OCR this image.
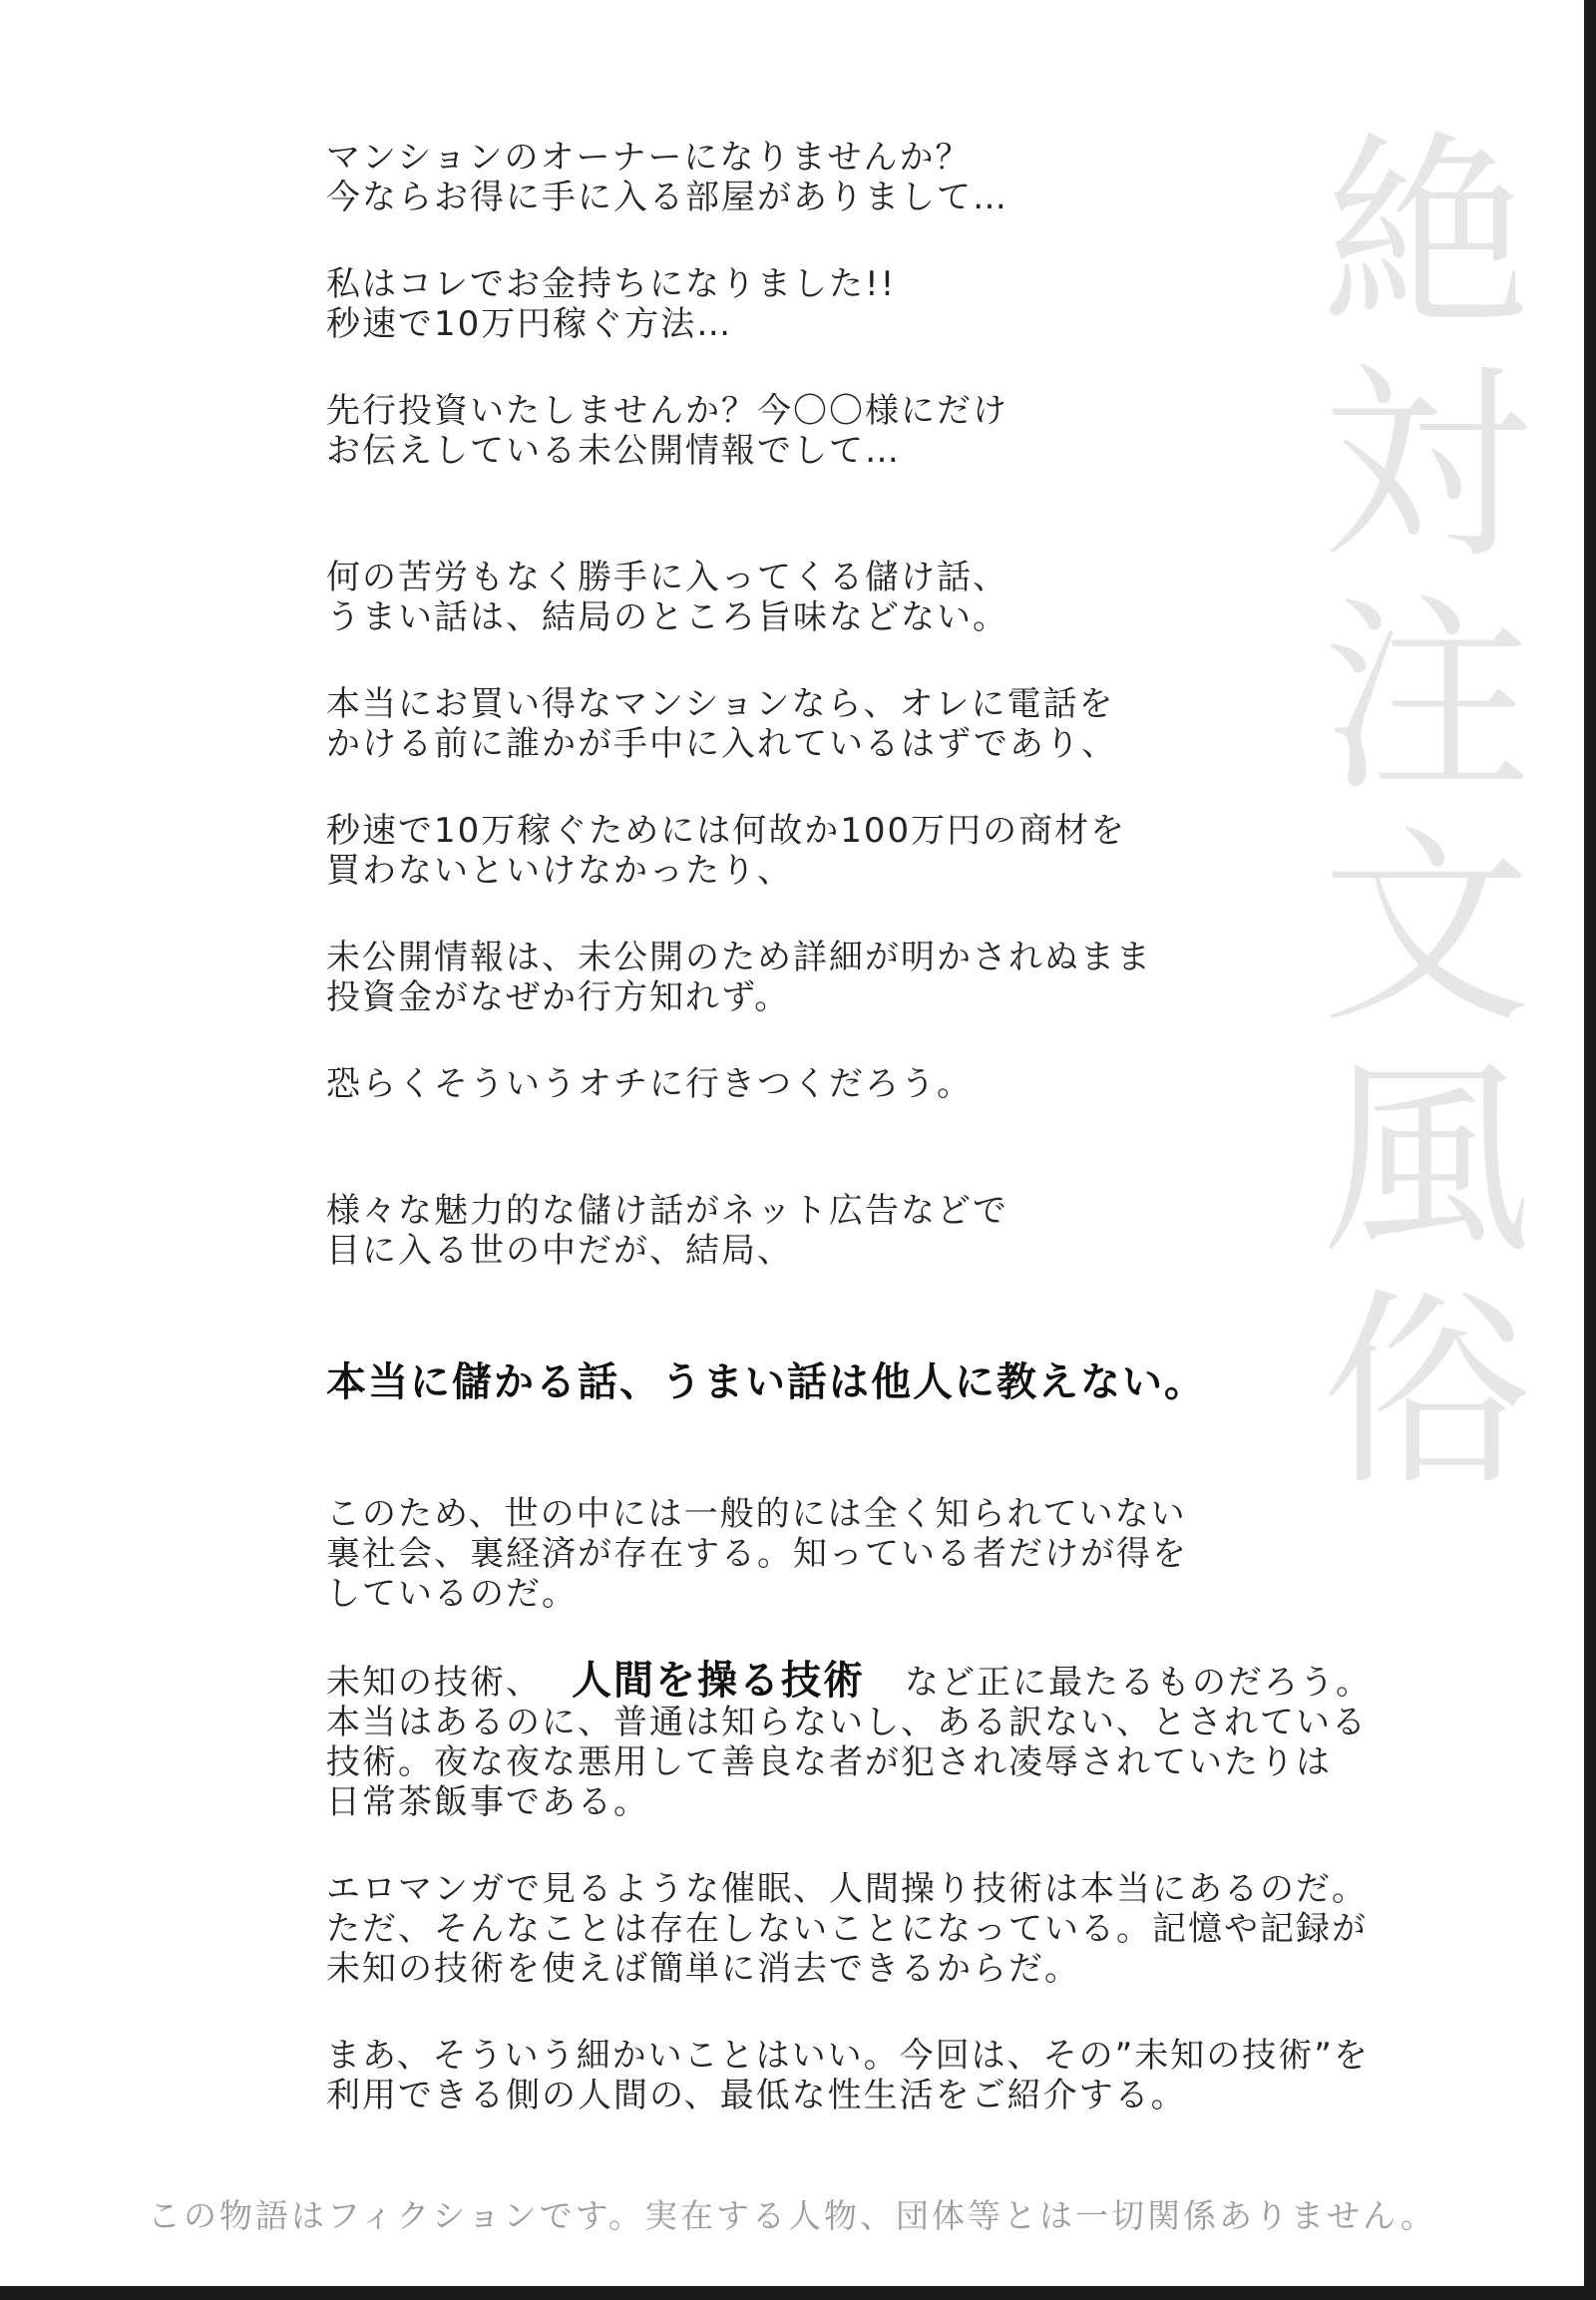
絶
対
注
文
風
俗

マンションのオーナーになりませんか？
今ならお得に手に入る部屋がありまして…

私はコレでお金持ちになりました!!
秒速で10万円稼ぐ方法…

先行投資いたしませんか？今〇〇様にだけ
お伝えしている未公開情報でして…

何の苦労もなく勝手に入ってくる儲け話、
うまい話は、結局のところ旨味などない。

本当にお買い得なマンションなら、オレに電話を
かける前に誰かが手中に入れているはずであり、

秒速で10万稼ぐためには何故か100万円の商材を
買わないといけなかったり、

未公開情報は、未公開のため詳細が明かされぬまま
投資金がなぜか行方知れず。

恐らくそういうオチに行きつくだろう。

様々な魅力的な儲け話がネット広告などで
目に入る世の中だが、結局、

本当に儲かる話、うまい話は他人に教えない。

このため、世の中には一般的には全く知られていない
裏社会、裏経済が存在する。知っている者だけが得を
しているのだ。

未知の技術、 人間を操る技術 など正に最たるものだろう。
本当はあるのに、普通は知らないし、ある訳ない、とされている
技術。夜な夜な悪用して善良な者が犯され凌辱されていたりは
日常茶飯事である。

エロマンガで見るような催眠、人間操り技術は本当にあるのだ。
ただ、そんなことは存在しないことになっている。記憶や記録が
未知の技術を使えば簡単に消去できるからだ。

まあ、そういう細かいことはいい。今回は、その”未知の技術”を
利用できる側の人間の、最低な性生活をご紹介する。

この物語はフィクションです。実在する人物、団体等とは一切関係ありません。
